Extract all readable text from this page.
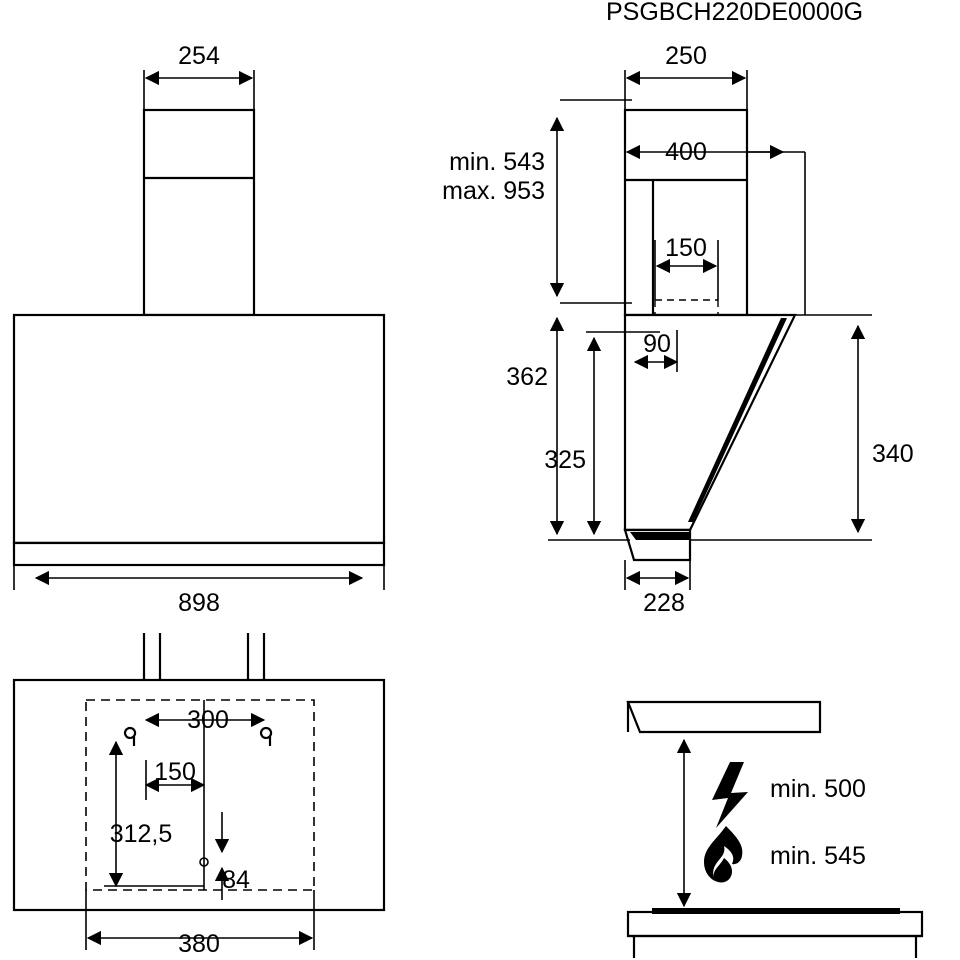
PSGBCH220DE0000G
254
898
300
150
312,5
84
380
250
400
150
90
228
min. 543
max. 953
362
325	340
min. 500
min. 545
